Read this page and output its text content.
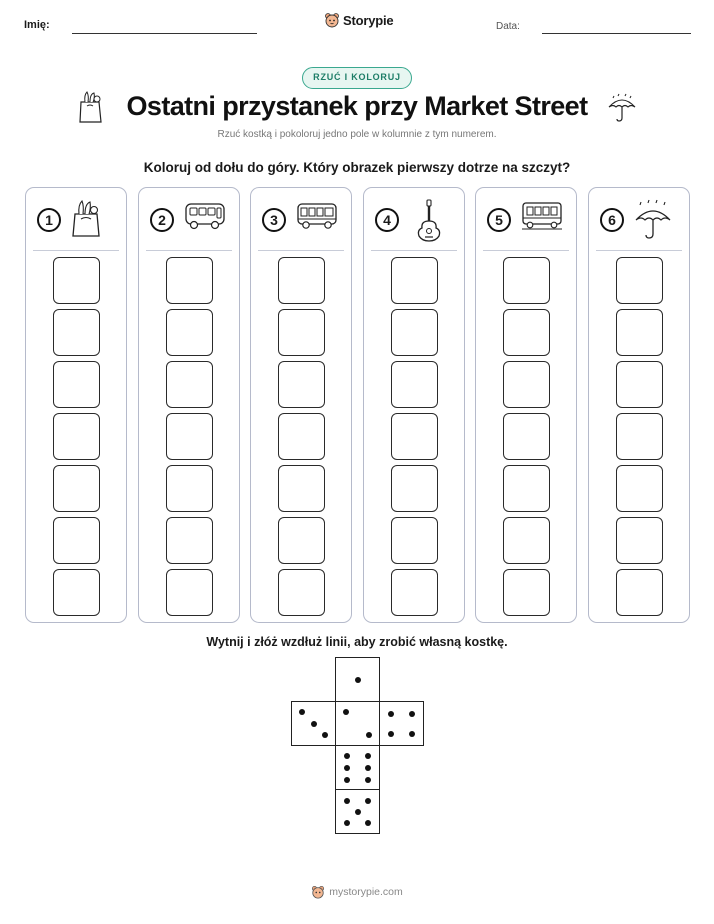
Imię:	Storypie	Data:
RZUĆ I KOLORUJ
Ostatni przystanek przy Market Street
Rzuć kostką i pokoloruj jedno pole w kolumnie z tym numerem.
Koloruj od dołu do góry. Który obrazek pierwszy dotrze na szczyt?
1	2	3	4	5	6
Wytnij i złóż wzdłuż linii, aby zrobić własną kostkę.
mystorypie.com
